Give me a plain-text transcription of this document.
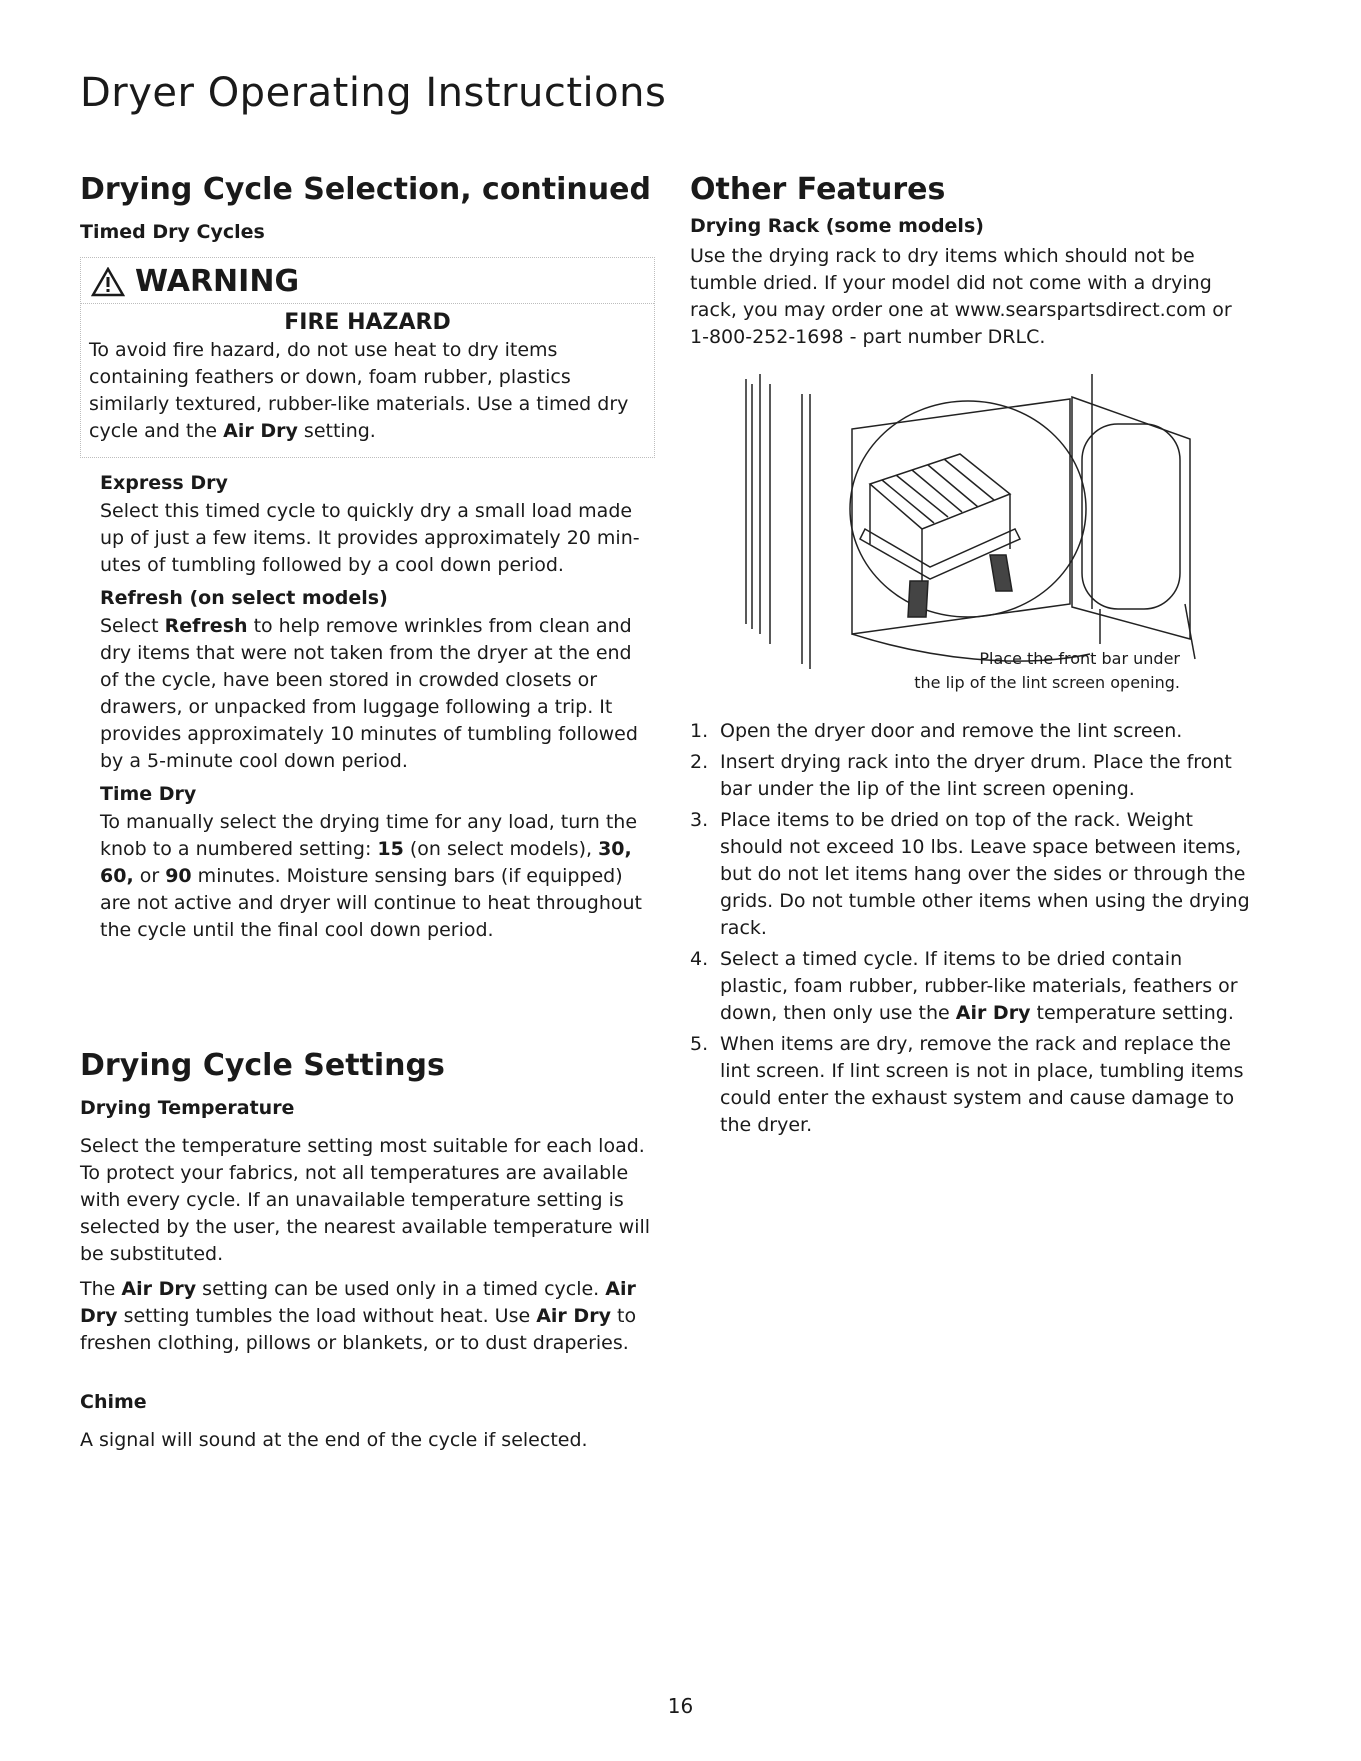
Dryer Operating Instructions
Drying Cycle Selection, continued
Timed Dry Cycles
WARNING
FIRE HAZARD

To avoid fire hazard, do not use heat to dry items containing feathers or down, foam rubber, plastics similarly textured, rubber-like materials. Use a timed dry cycle and the Air Dry setting.

Express Dry

Select this timed cycle to quickly dry a small load made up of just a few items. It provides approximately 20 min-utes of tumbling followed by a cool down period.

Refresh (on select models)

Select Refresh to help remove wrinkles from clean and dry items that were not taken from the dryer at the end of the cycle, have been stored in crowded closets or drawers, or unpacked from luggage following a trip. It provides approximately 10 minutes of tumbling followed by a 5-minute cool down period.

Time Dry

To manually select the drying time for any load, turn the knob to a numbered setting: 15 (on select models), 30, 60, or 90 minutes. Moisture sensing bars (if equipped) are not active and dryer will continue to heat throughout the cycle until the final cool down period.

Drying Cycle Settings
Drying Temperature

Select the temperature setting most suitable for each load. To protect your fabrics, not all temperatures are available with every cycle. If an unavailable temperature setting is selected by the user, the nearest available temperature will be substituted.

The Air Dry setting can be used only in a timed cycle. Air Dry setting tumbles the load without heat. Use Air Dry to freshen clothing, pillows or blankets, or to dust draperies.

Chime

A signal will sound at the end of the cycle if selected.

Other Features
Drying Rack (some models)

Use the drying rack to dry items which should not be tumble dried. If your model did not come with a drying rack, you may order one at www.searspartsdirect.com or 1-800-252-1698 - part number DRLC.

Place the front bar under
the lip of the lint screen opening.
1. Open the dryer door and remove the lint screen.
2. Insert drying rack into the dryer drum. Place the front bar under the lip of the lint screen opening.
3. Place items to be dried on top of the rack. Weight should not exceed 10 lbs. Leave space between items, but do not let items hang over the sides or through the grids. Do not tumble other items when using the drying rack.
4. Select a timed cycle. If items to be dried contain plastic, foam rubber, rubber-like materials, feathers or down, then only use the Air Dry temperature setting.
5. When items are dry, remove the rack and replace the lint screen. If lint screen is not in place, tumbling items could enter the exhaust system and cause damage to the dryer.
16
